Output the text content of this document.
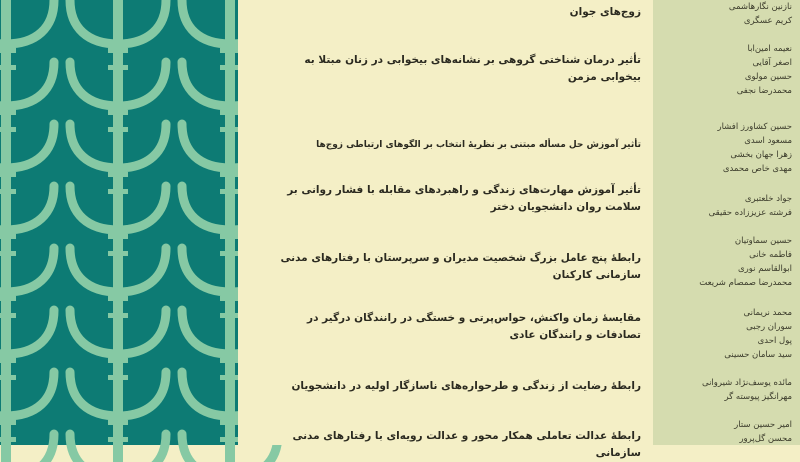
زوج‌های جوان
تأثیر درمان شناختی گروهی بر نشانه‌های بیخوابی در زنان مبتلا به بیخوابی مزمن
تأثیر آموزش حل مسأله مبتنی بر نظریهٔ انتخاب بر الگوهای ارتباطی زوج‌ها
تأثیر آموزش مهارت‌های زندگی و راهبردهای مقابله با فشار روانی بر سلامت روان دانشجویان دختر
رابطهٔ پنج عامل بزرگ شخصیت مدیران و سرپرستان با رفتارهای مدنی سازمانی کارکنان
مقایسهٔ زمان واکنش، حواس‌پرتی و خستگی در رانندگان درگیر در تصادفات و رانندگان عادی
رابطهٔ رضایت از زندگی و طرحواره‌های ناسازگار اولیه در دانشجویان
رابطهٔ عدالت تعاملی همکار محور و عدالت رویه‌ای با رفتارهای مدنی سازمانی
نازنین نگارهاشمی
کریم عسگری
نعیمه امین‌ابا
اصغر آقایی
حسین مولوی
محمدرضا نجفی
حسین کشاورز افشار
مسعود اسدی
زهرا جهان بخشی
مهدی خاص محمدی
جواد خلعتبری
فرشته عزیززاده حقیقی
حسین سماوتیان
فاطمه خانی
ابوالقاسم نوری
محمدرضا صمصام شریعت
محمد نریمانی
سوران رجبی
پول احدی
سید سامان حسینی
مائده یوسف‌نژاد شیروانی
مهرانگیز پیوسته گر
امیر حسین ستار
محسن گل‌پرور
